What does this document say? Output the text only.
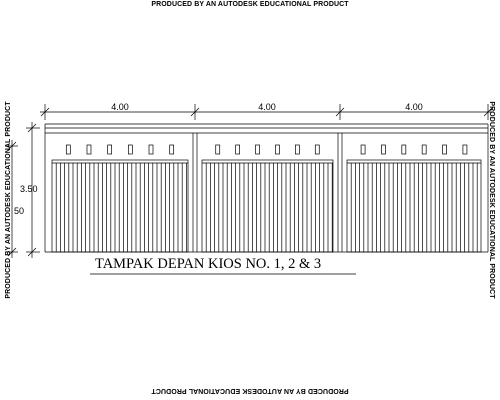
PRODUCED BY AN AUTODESK EDUCATIONAL PRODUCT
PRODUCED BY AN AUTODESK EDUCATIONAL PRODUCT
PRODUCED BY AN AUTODESK EDUCATIONAL PRODUCT	PRODUCED BY AN AUTODESK EDUCATIONAL PRODUCT
4.00	4.00	4.00
3.50
50
TAMPAK DEPAN KIOS NO. 1, 2 & 3
